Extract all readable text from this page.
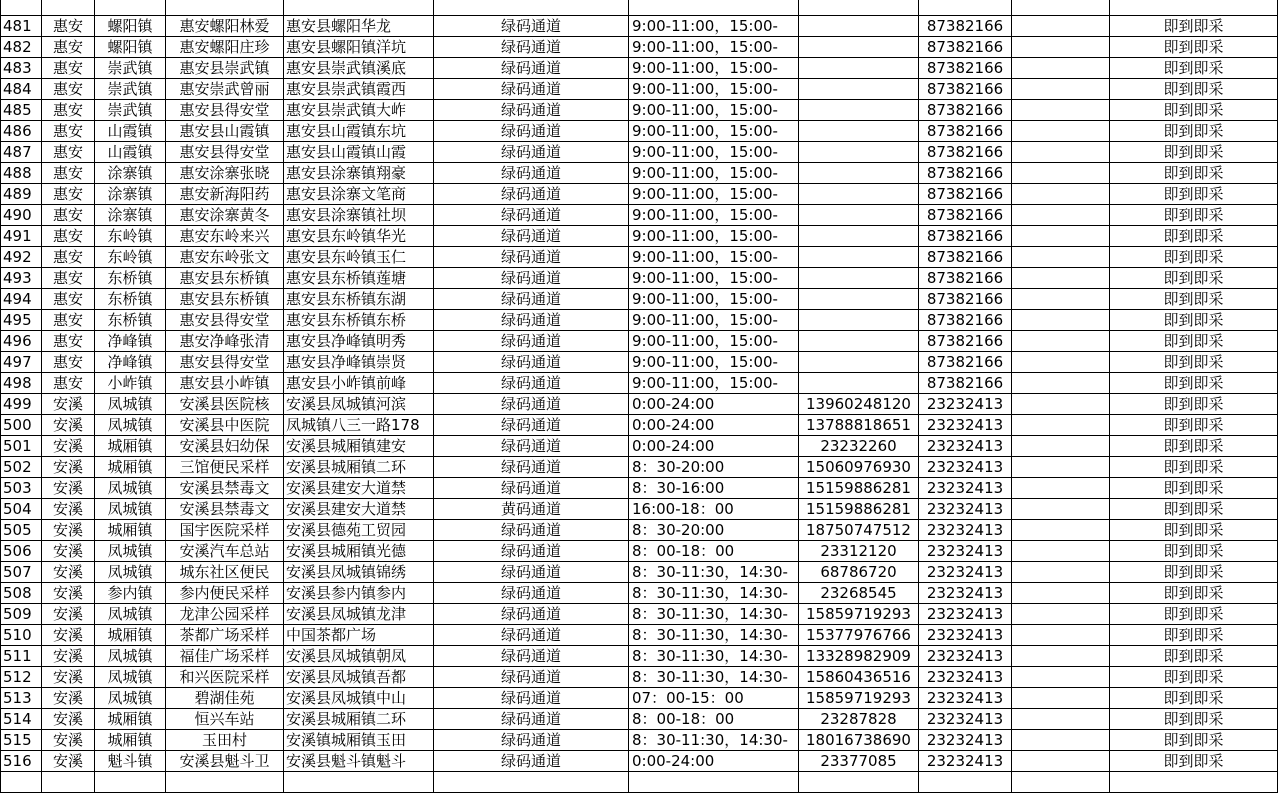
481	惠安	螺阳镇	惠安螺阳林爱	惠安县螺阳华龙	绿码通道	9:00-11:00，15:00-		87382166		即到即采
482	惠安	螺阳镇	惠安螺阳庄珍	惠安县螺阳镇洋坑	绿码通道	9:00-11:00，15:00-		87382166		即到即采
483	惠安	崇武镇	惠安县崇武镇	惠安县崇武镇溪底	绿码通道	9:00-11:00，15:00-		87382166		即到即采
484	惠安	崇武镇	惠安崇武曾丽	惠安县崇武镇霞西	绿码通道	9:00-11:00，15:00-		87382166		即到即采
485	惠安	崇武镇	惠安县得安堂	惠安县崇武镇大岞	绿码通道	9:00-11:00，15:00-		87382166		即到即采
486	惠安	山霞镇	惠安县山霞镇	惠安县山霞镇东坑	绿码通道	9:00-11:00，15:00-		87382166		即到即采
487	惠安	山霞镇	惠安县得安堂	惠安县山霞镇山霞	绿码通道	9:00-11:00，15:00-		87382166		即到即采
488	惠安	涂寨镇	惠安涂寨张晓	惠安县涂寨镇翔豪	绿码通道	9:00-11:00，15:00-		87382166		即到即采
489	惠安	涂寨镇	惠安新海阳药	惠安县涂寨文笔商	绿码通道	9:00-11:00，15:00-		87382166		即到即采
490	惠安	涂寨镇	惠安涂寨黄冬	惠安县涂寨镇社坝	绿码通道	9:00-11:00，15:00-		87382166		即到即采
491	惠安	东岭镇	惠安东岭来兴	惠安县东岭镇华光	绿码通道	9:00-11:00，15:00-		87382166		即到即采
492	惠安	东岭镇	惠安东岭张文	惠安县东岭镇玉仁	绿码通道	9:00-11:00，15:00-		87382166		即到即采
493	惠安	东桥镇	惠安县东桥镇	惠安县东桥镇莲塘	绿码通道	9:00-11:00，15:00-		87382166		即到即采
494	惠安	东桥镇	惠安县东桥镇	惠安县东桥镇东湖	绿码通道	9:00-11:00，15:00-		87382166		即到即采
495	惠安	东桥镇	惠安县得安堂	惠安县东桥镇东桥	绿码通道	9:00-11:00，15:00-		87382166		即到即采
496	惠安	净峰镇	惠安净峰张清	惠安县净峰镇明秀	绿码通道	9:00-11:00，15:00-		87382166		即到即采
497	惠安	净峰镇	惠安县得安堂	惠安县净峰镇崇贤	绿码通道	9:00-11:00，15:00-		87382166		即到即采
498	惠安	小岞镇	惠安县小岞镇	惠安县小岞镇前峰	绿码通道	9:00-11:00，15:00-		87382166		即到即采
499	安溪	凤城镇	安溪县医院核	安溪县凤城镇河滨	绿码通道	0:00-24:00	13960248120	23232413		即到即采
500	安溪	凤城镇	安溪县中医院	凤城镇八三一路178	绿码通道	0:00-24:00	13788818651	23232413		即到即采
501	安溪	城厢镇	安溪县妇幼保	安溪县城厢镇建安	绿码通道	0:00-24:00	23232260	23232413		即到即采
502	安溪	城厢镇	三馆便民采样	安溪县城厢镇二环	绿码通道	8：30-20:00	15060976930	23232413		即到即采
503	安溪	凤城镇	安溪县禁毒文	安溪县建安大道禁	绿码通道	8：30-16:00	15159886281	23232413		即到即采
504	安溪	凤城镇	安溪县禁毒文	安溪县建安大道禁	黄码通道	16:00-18：00	15159886281	23232413		即到即采
505	安溪	城厢镇	国宇医院采样	安溪县德苑工贸园	绿码通道	8：30-20:00	18750747512	23232413		即到即采
506	安溪	凤城镇	安溪汽车总站	安溪县城厢镇光德	绿码通道	8：00-18：00	23312120	23232413		即到即采
507	安溪	凤城镇	城东社区便民	安溪县凤城镇锦绣	绿码通道	8：30-11:30，14:30-	68786720	23232413		即到即采
508	安溪	参内镇	参内便民采样	安溪县参内镇参内	绿码通道	8：30-11:30，14:30-	23268545	23232413		即到即采
509	安溪	凤城镇	龙津公园采样	安溪县凤城镇龙津	绿码通道	8：30-11:30，14:30-	15859719293	23232413		即到即采
510	安溪	城厢镇	茶都广场采样	中国茶都广场	绿码通道	8：30-11:30，14:30-	15377976766	23232413		即到即采
511	安溪	凤城镇	福佳广场采样	安溪县凤城镇朝凤	绿码通道	8：30-11:30，14:30-	13328982909	23232413		即到即采
512	安溪	凤城镇	和兴医院采样	安溪县凤城镇吾都	绿码通道	8：30-11:30，14:30-	15860436516	23232413		即到即采
513	安溪	凤城镇	碧湖佳苑	安溪县凤城镇中山	绿码通道	07：00-15：00	15859719293	23232413		即到即采
514	安溪	城厢镇	恒兴车站	安溪县城厢镇二环	绿码通道	8：00-18：00	23287828	23232413		即到即采
515	安溪	城厢镇	玉田村	安溪镇城厢镇玉田	绿码通道	8：30-11:30，14:30-	18016738690	23232413		即到即采
516	安溪	魁斗镇	安溪县魁斗卫	安溪县魁斗镇魁斗	绿码通道	0:00-24:00	23377085	23232413		即到即采
